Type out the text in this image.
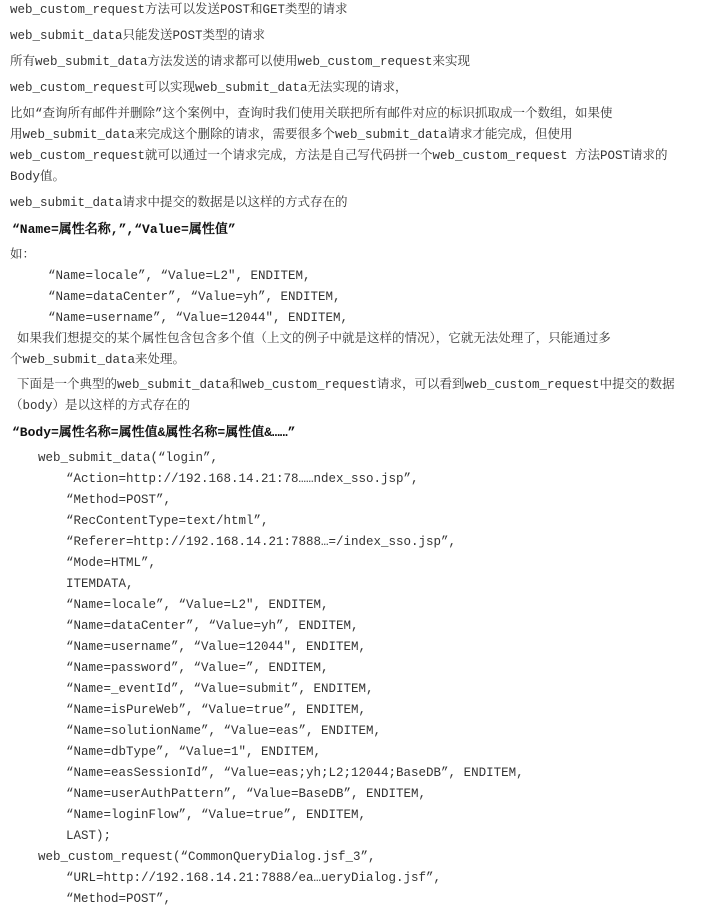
web_custom_request方法可以发送POST和GET类型的请求
web_submit_data只能发送POST类型的请求
所有web_submit_data方法发送的请求都可以使用web_custom_request来实现
web_custom_request可以实现web_submit_data无法实现的请求，
比如“查询所有邮件并删除”这个案例中，查询时我们使用关联把所有邮件对应的标识抓取成一个数组，如果使
用web_submit_data来完成这个删除的请求，需要很多个web_submit_data请求才能完成，但使用
web_custom_request就可以通过一个请求完成，方法是自己写代码拼一个web_custom_request 方法POST请求的
Body值。
web_submit_data请求中提交的数据是以这样的方式存在的
“Name=属性名称,”,“Value=属性值”
如：
“Name=locale”, “Value=L2″, ENDITEM,
“Name=dataCenter”, “Value=yh”, ENDITEM,
“Name=username”, “Value=12044″, ENDITEM,
如果我们想提交的某个属性包含包含多个值（上文的例子中就是这样的情况），它就无法处理了，只能通过多
个web_submit_data来处理。
下面是一个典型的web_submit_data和web_custom_request请求，可以看到web_custom_request中提交的数据
（body）是以这样的方式存在的
“Body=属性名称=属性值&属性名称=属性值&……”
web_submit_data(“login”,
“Action=http://192.168.14.21:78……ndex_sso.jsp”,
“Method=POST”,
“RecContentType=text/html”,
“Referer=http://192.168.14.21:7888…=/index_sso.jsp”,
“Mode=HTML”,
ITEMDATA,
“Name=locale”, “Value=L2″, ENDITEM,
“Name=dataCenter”, “Value=yh”, ENDITEM,
“Name=username”, “Value=12044″, ENDITEM,
“Name=password”, “Value=”, ENDITEM,
“Name=_eventId”, “Value=submit”, ENDITEM,
“Name=isPureWeb”, “Value=true”, ENDITEM,
“Name=solutionName”, “Value=eas”, ENDITEM,
“Name=dbType”, “Value=1″, ENDITEM,
“Name=easSessionId”, “Value=eas;yh;L2;12044;BaseDB”, ENDITEM,
“Name=userAuthPattern”, “Value=BaseDB”, ENDITEM,
“Name=loginFlow”, “Value=true”, ENDITEM,
LAST);
web_custom_request(“CommonQueryDialog.jsf_3”,
“URL=http://192.168.14.21:7888/ea…ueryDialog.jsf”,
“Method=POST”,
